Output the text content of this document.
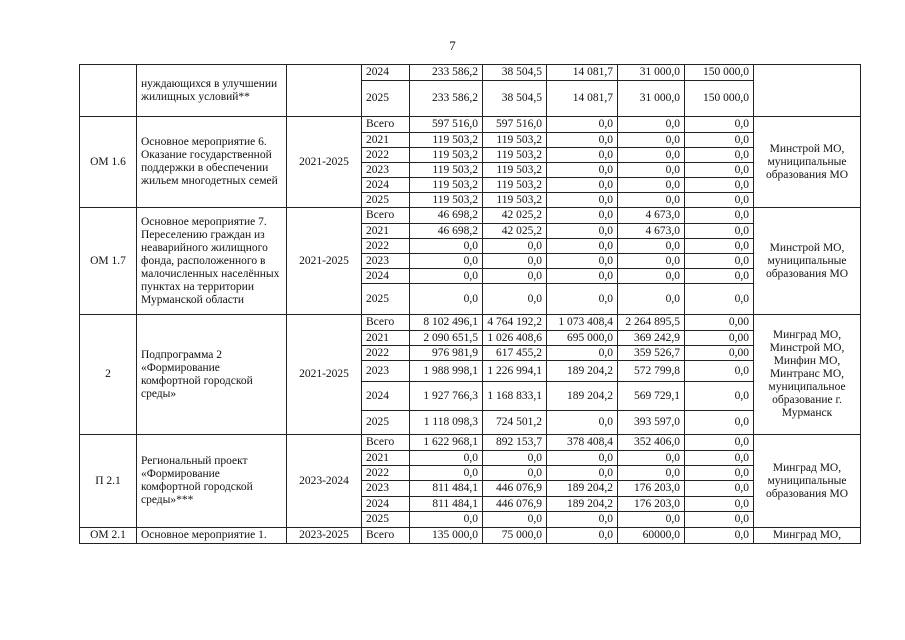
7
	нуждающихся в улучшении жилищных условий**		2024	233 586,2	38 504,5	14 081,7	31 000,0	150 000,0	
			2025	233 586,2	38 504,5	14 081,7	31 000,0	150 000,0	
ОМ 1.6	Основное мероприятие 6. Оказание государственной поддержки в обеспечении жильем многодетных семей	2021-2025	Всего	597 516,0	597 516,0	0,0	0,0	0,0	Минстрой МО, муниципальные образования МО
			2021	119 503,2	119 503,2	0,0	0,0	0,0	
			2022	119 503,2	119 503,2	0,0	0,0	0,0	
			2023	119 503,2	119 503,2	0,0	0,0	0,0	
			2024	119 503,2	119 503,2	0,0	0,0	0,0	
			2025	119 503,2	119 503,2	0,0	0,0	0,0	
ОМ 1.7	Основное мероприятие 7. Переселению граждан из неаварийного жилищного фонда, расположенного в малочисленных населённых пунктах на территории Мурманской области	2021-2025	Всего	46 698,2	42 025,2	0,0	4 673,0	0,0	Минстрой МО, муниципальные образования МО
			2021	46 698,2	42 025,2	0,0	4 673,0	0,0	
			2022	0,0	0,0	0,0	0,0	0,0	
			2023	0,0	0,0	0,0	0,0	0,0	
			2024	0,0	0,0	0,0	0,0	0,0	
			2025	0,0	0,0	0,0	0,0	0,0	
2	Подпрограмма 2 «Формирование комфортной городской среды»	2021-2025	Всего	8 102 496,1	4 764 192,2	1 073 408,4	2 264 895,5	0,00	Минград МО, Минстрой МО, Минфин МО, Минтранс МО, муниципальное образование г. Мурманск
			2021	2 090 651,5	1 026 408,6	695 000,0	369 242,9	0,00	
			2022	976 981,9	617 455,2	0,0	359 526,7	0,00	
			2023	1 988 998,1	1 226 994,1	189 204,2	572 799,8	0,0	
			2024	1 927 766,3	1 168 833,1	189 204,2	569 729,1	0,0	
			2025	1 118 098,3	724 501,2	0,0	393 597,0	0,0	
П 2.1	Региональный проект «Формирование комфортной городской среды»***	2023-2024	Всего	1 622 968,1	892 153,7	378 408,4	352 406,0	0,0	Минград МО, муниципальные образования МО
			2021	0,0	0,0	0,0	0,0	0,0	
			2022	0,0	0,0	0,0	0,0	0,0	
			2023	811 484,1	446 076,9	189 204,2	176 203,0	0,0	
			2024	811 484,1	446 076,9	189 204,2	176 203,0	0,0	
			2025	0,0	0,0	0,0	0,0	0,0	
ОМ 2.1	Основное мероприятие 1.	2023-2025	Всего	135 000,0	75 000,0	0,0	60000,0	0,0	Минград МО,
